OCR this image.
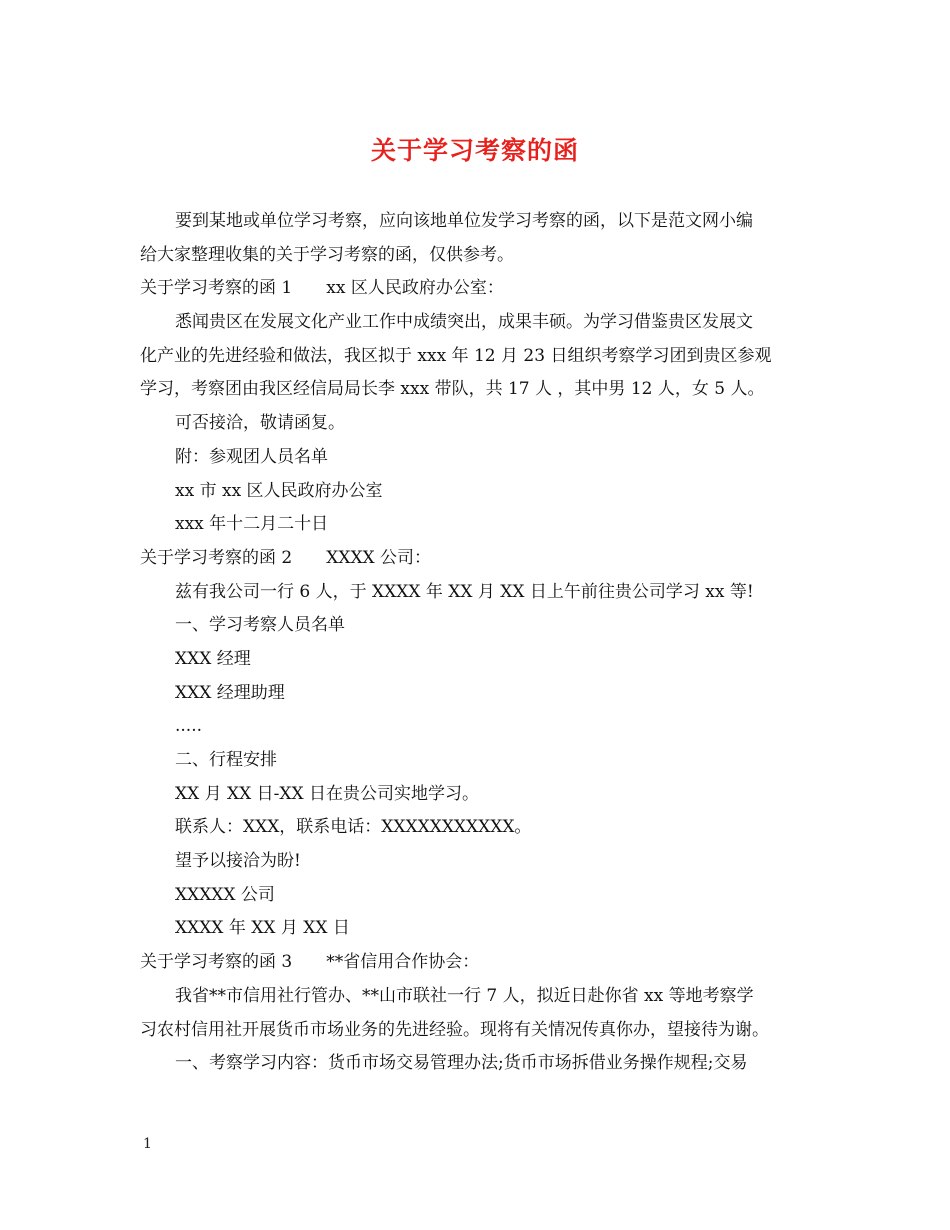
关于学习考察的函
要到某地或单位学习考察，应向该地单位发学习考察的函，以下是范文网小编
给大家整理收集的关于学习考察的函，仅供参考。
关于学习考察的函 1 xx 区人民政府办公室：
悉闻贵区在发展文化产业工作中成绩突出，成果丰硕。为学习借鉴贵区发展文
化产业的先进经验和做法，我区拟于 xxx 年 12 月 23 日组织考察学习团到贵区参观
学习，考察团由我区经信局局长李 xxx 带队，共 17 人 ，其中男 12 人，女 5 人。
可否接洽，敬请函复。
附：参观团人员名单
xx 市 xx 区人民政府办公室
xxx 年十二月二十日
关于学习考察的函 2 XXXX 公司：
兹有我公司一行 6 人，于 XXXX 年 XX 月 XX 日上午前往贵公司学习 xx 等!
一、学习考察人员名单
XXX 经理
XXX 经理助理
.....
二、行程安排
XX 月 XX 日-XX 日在贵公司实地学习。
联系人：XXX，联系电话：XXXXXXXXXXX。
望予以接洽为盼!
XXXXX 公司
XXXX 年 XX 月 XX 日
关于学习考察的函 3 **省信用合作协会：
我省**市信用社行管办、**山市联社一行 7 人，拟近日赴你省 xx 等地考察学
习农村信用社开展货币市场业务的先进经验。现将有关情况传真你办，望接待为谢。
一、考察学习内容：货币市场交易管理办法;货币市场拆借业务操作规程;交易
1
